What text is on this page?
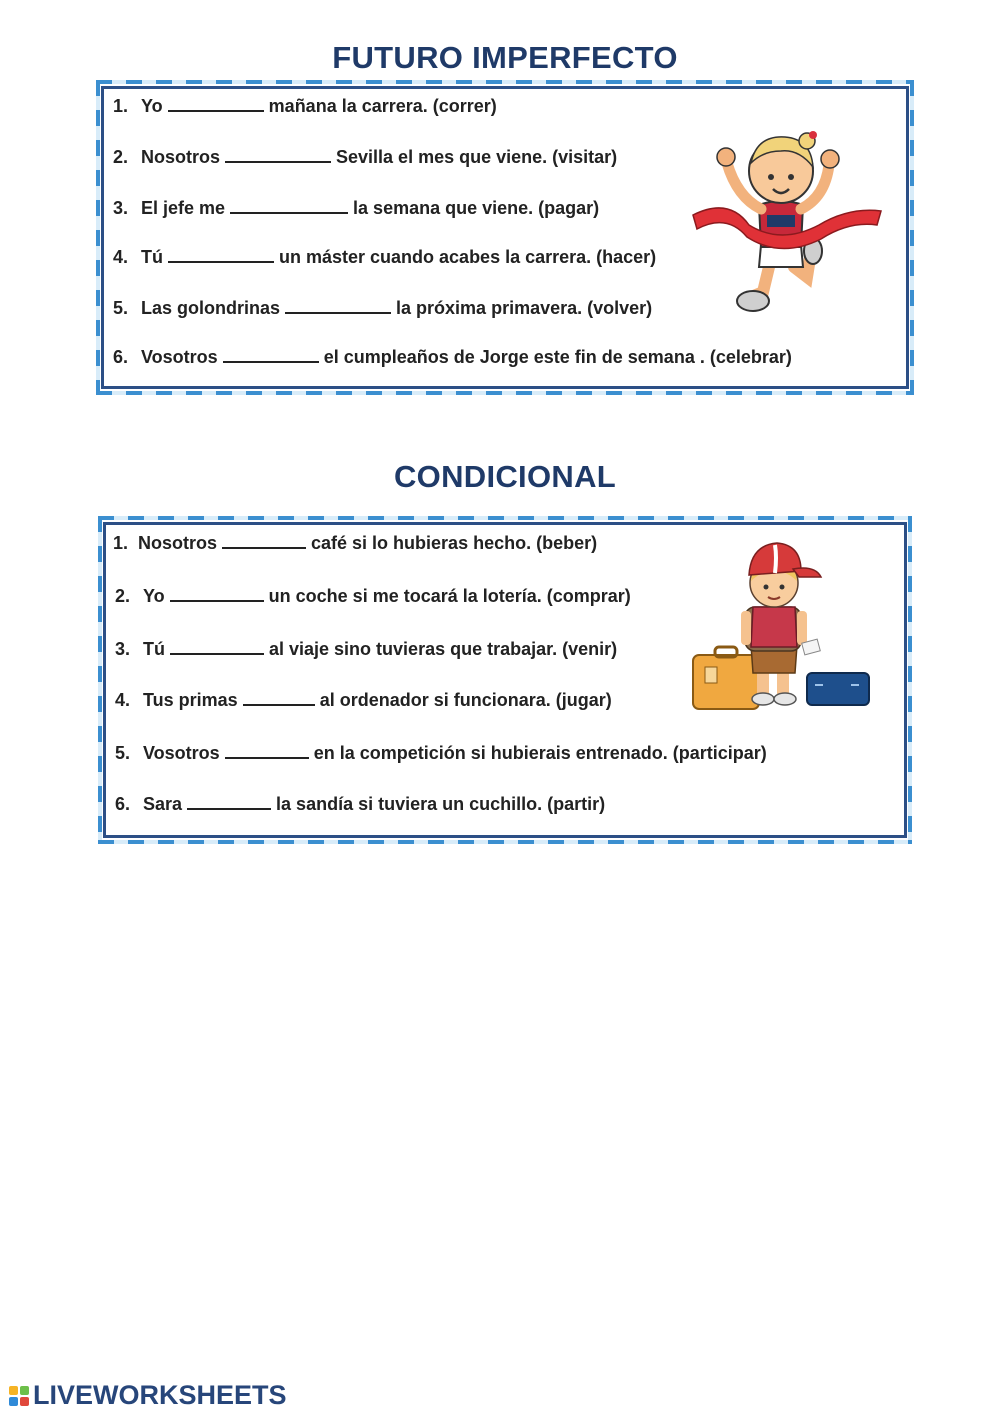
FUTURO IMPERFECTO
1. Yo	mañana la carrera. (correr)
2. Nosotros	Sevilla el mes que viene. (visitar)
3. El jefe me	la semana que viene. (pagar)
4. Tú	un máster cuando acabes la carrera. (hacer)
5. Las golondrinas	la próxima primavera. (volver)
6. Vosotros	el cumpleaños de Jorge este fin de semana . (celebrar)
CONDICIONAL
1. Nosotros	café si lo hubieras hecho. (beber)
2. Yo	un coche si me tocará la lotería. (comprar)
3. Tú	al viaje sino tuvieras que trabajar. (venir)
4. Tus primas	al ordenador si funcionara. (jugar)
5. Vosotros	en la competición si hubierais entrenado. (participar)
6. Sara	la sandía si tuviera un cuchillo. (partir)
LIVEWORKSHEETS
